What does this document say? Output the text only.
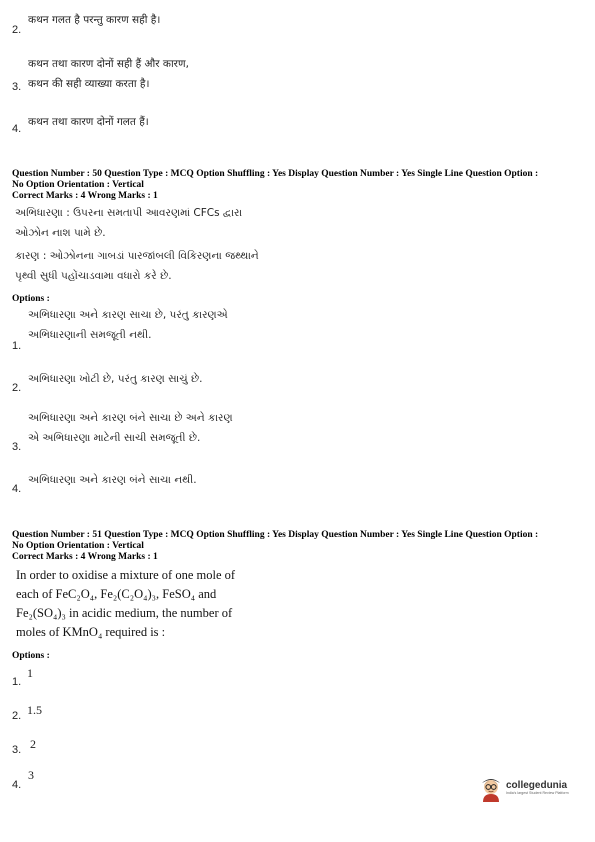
2.
कथन गलत है परन्तु कारण सही है।
कथन तथा कारण दोनों सही हैं और कारण,
3. कथन की सही व्याख्या करता है।
4.
कथन तथा कारण दोनों गलत हैं।
Question Number : 50 Question Type : MCQ Option Shuffling : Yes Display Question Number : Yes Single Line Question Option :
No Option Orientation : Vertical
Correct Marks : 4 Wrong Marks : 1
અભિધારણા : ઉપરના સમતાપી આવરણમાં CFCs દ્વારા
ઓઝોન નાશ પામે છે.
કારણ : ઓઝોનના ગાબડાં પારજાંબલી વિકિરણના જથ્થાને
પૃથ્વી સુધી પહોંચાડવામા વધારો કરે છે.
Options :
અભિધારણા અને કારણ સાચા છે, પરંતુ કારણએ
1.
અભિધારણાની સમજૂતી નથી.
2.
અભિધારણા ખોટી છે, પરંતુ કારણ સાચું છે.
અભિધારણા અને કારણ બંને સાચા છે અને કારણ
3.
એ અભિધારણા માટેની સાચી સમજૂતી છે.
4.
અભિધારણા અને કારણ બંને સાચા નથી.
Question Number : 51 Question Type : MCQ Option Shuffling : Yes Display Question Number : Yes Single Line Question Option :
No Option Orientation : Vertical
Correct Marks : 4 Wrong Marks : 1
In order to oxidise a mixture of one mole of
each of FeC₂O₄, Fe₂(C₂O₄)₃, FeSO₄ and
Fe₂(SO₄)₃ in acidic medium, the number of
moles of KMnO₄ required is :
Options :
1.
1
2. 1.5
3. 2
4.
3
collegedunia
India's largest Student Review Platform
